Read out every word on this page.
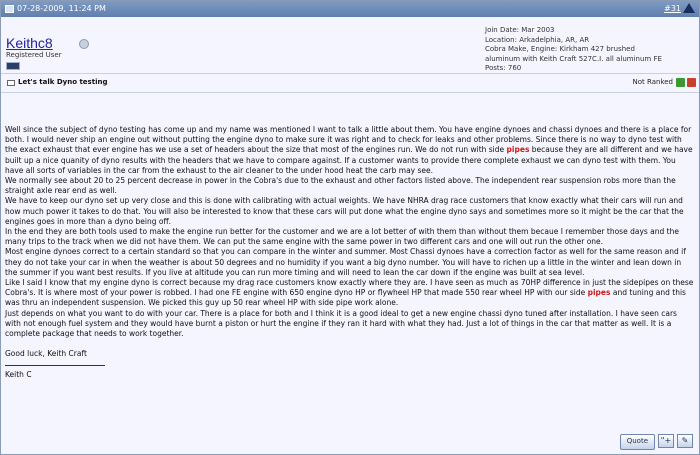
07-28-2009, 11:24 PM	#31
Keithc8
Registered User
Join Date: Mar 2003
Location: Arkadelphia, AR, AR
Cobra Make, Engine: Kirkham 427 brushed
aluminum with Keith Craft 527C.I. all aluminum FE
Posts: 760
Let's talk Dyno testing	Not Ranked

Well since the subject of dyno testing has come up and my name was mentioned I want to talk a little about them. You have engine dynoes and chassi dynoes and there is a place for both. I would never ship an engine out without putting the engine dyno to make sure it was right and to check for leaks and other problems. Since there is no way to dyno test with the exact exhaust that ever engine has we use a set of headers about the size that most of the engines run. We do not run with side pipes because they are all different and we have built up a nice quanity of dyno results with the headers that we have to compare against. If a customer wants to provide there complete exhaust we can dyno test with them. You have all sorts of variables in the car from the exhaust to the air cleaner to the under hood heat the carb may see.

We normally see about 20 to 25 percent decrease in power in the Cobra's due to the exhaust and other factors listed above. The independent rear suspension robs more than the straight axle rear end as well.

We have to keep our dyno set up very close and this is done with calibrating with actual weights. We have NHRA drag race customers that know exactly what their cars will run and how much power it takes to do that. You will also be interested to know that these cars will put done what the engine dyno says and sometimes more so it might be the car that the engines goes in more than a dyno being off.

In the end they are both tools used to make the engine run better for the customer and we are a lot better of with them than without them becaue I remember those days and the many trips to the track when we did not have them. We can put the same engine with the same power in two different cars and one will out run the other one.

Most engine dynoes correct to a certain standard so that you can compare in the winter and summer. Most Chassi dynoes have a correction factor as well for the same reason and if they do not take your car in when the weather is about 50 degrees and no humidity if you want a big dyno number. You will have to richen up a little in the winter and lean down in the summer if you want best results. If you live at altitude you can run more timing and will need to lean the car down if the engine was built at sea level.

Like I said I know that my engine dyno is correct because my drag race customers know exactly where they are. I have seen as much as 70HP difference in just the sidepipes on these Cobra's. It is where most of your power is robbed. I had one FE engine with 650 engine dyno HP or flywheel HP that made 550 rear wheel HP with our side pipes and tuning and this was thru an independent suspension. We picked this guy up 50 rear wheel HP with side pipe work alone.

Just depends on what you want to do with your car. There is a place for both and I think it is a good ideal to get a new engine chassi dyno tuned after installation. I have seen cars with not enough fuel system and they would have burnt a piston or hurt the engine if they ran it hard with what they had. Just a lot of things in the car that matter as well. It is a complete package that needs to work together.

Good luck, Keith Craft

Keith C

Quote	"+	✎
